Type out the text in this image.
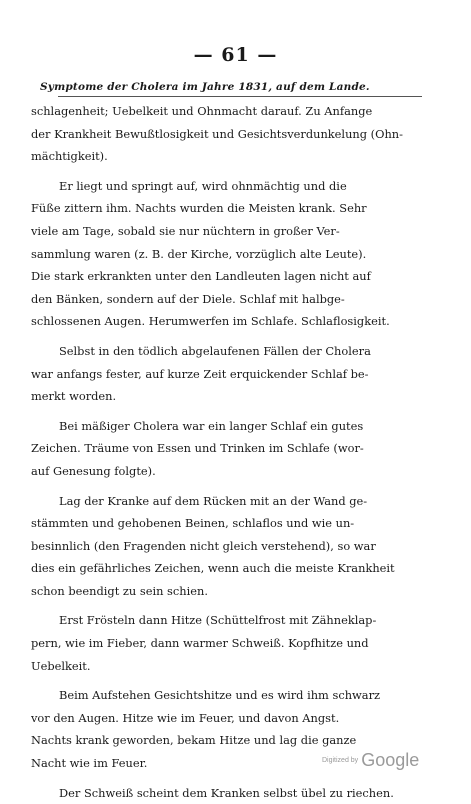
— 61 —
Symptome der Cholera im Jahre 1831, auf dem Lande.
schlagenheit; Uebelkeit und Ohnmacht darauf. Zu Anfange
der Krankheit Bewußtlosigkeit und Gesichtsverdunkelung (Ohn-
mächtigkeit).
Er liegt und springt auf, wird ohnmächtig und die
Füße zittern ihm. Nachts wurden die Meisten krank. Sehr
viele am Tage, sobald sie nur nüchtern in großer Ver-
sammlung waren (z. B. der Kirche, vorzüglich alte Leute).
Die stark erkrankten unter den Landleuten lagen nicht auf
den Bänken, sondern auf der Diele. Schlaf mit halbge-
schlossenen Augen. Herumwerfen im Schlafe. Schlaflosigkeit.
Selbst in den tödlich abgelaufenen Fällen der Cholera
war anfangs fester, auf kurze Zeit erquickender Schlaf be-
merkt worden.
Bei mäßiger Cholera war ein langer Schlaf ein gutes
Zeichen. Träume von Essen und Trinken im Schlafe (wor-
auf Genesung folgte).
Lag der Kranke auf dem Rücken mit an der Wand ge-
stämmten und gehobenen Beinen, schlaflos und wie un-
besinnlich (den Fragenden nicht gleich verstehend), so war
dies ein gefährliches Zeichen, wenn auch die meiste Krankheit
schon beendigt zu sein schien.
Erst Frösteln dann Hitze (Schüttelfrost mit Zähneklap-
pern, wie im Fieber, dann warmer Schweiß. Kopfhitze und
Uebelkeit.
Beim Aufstehen Gesichtshitze und es wird ihm schwarz
vor den Augen. Hitze wie im Feuer, und davon Angst.
Nachts krank geworden, bekam Hitze und lag die ganze
Nacht wie im Feuer.
Der Schweiß scheint dem Kranken selbst übel zu riechen.
Digitized by Google
